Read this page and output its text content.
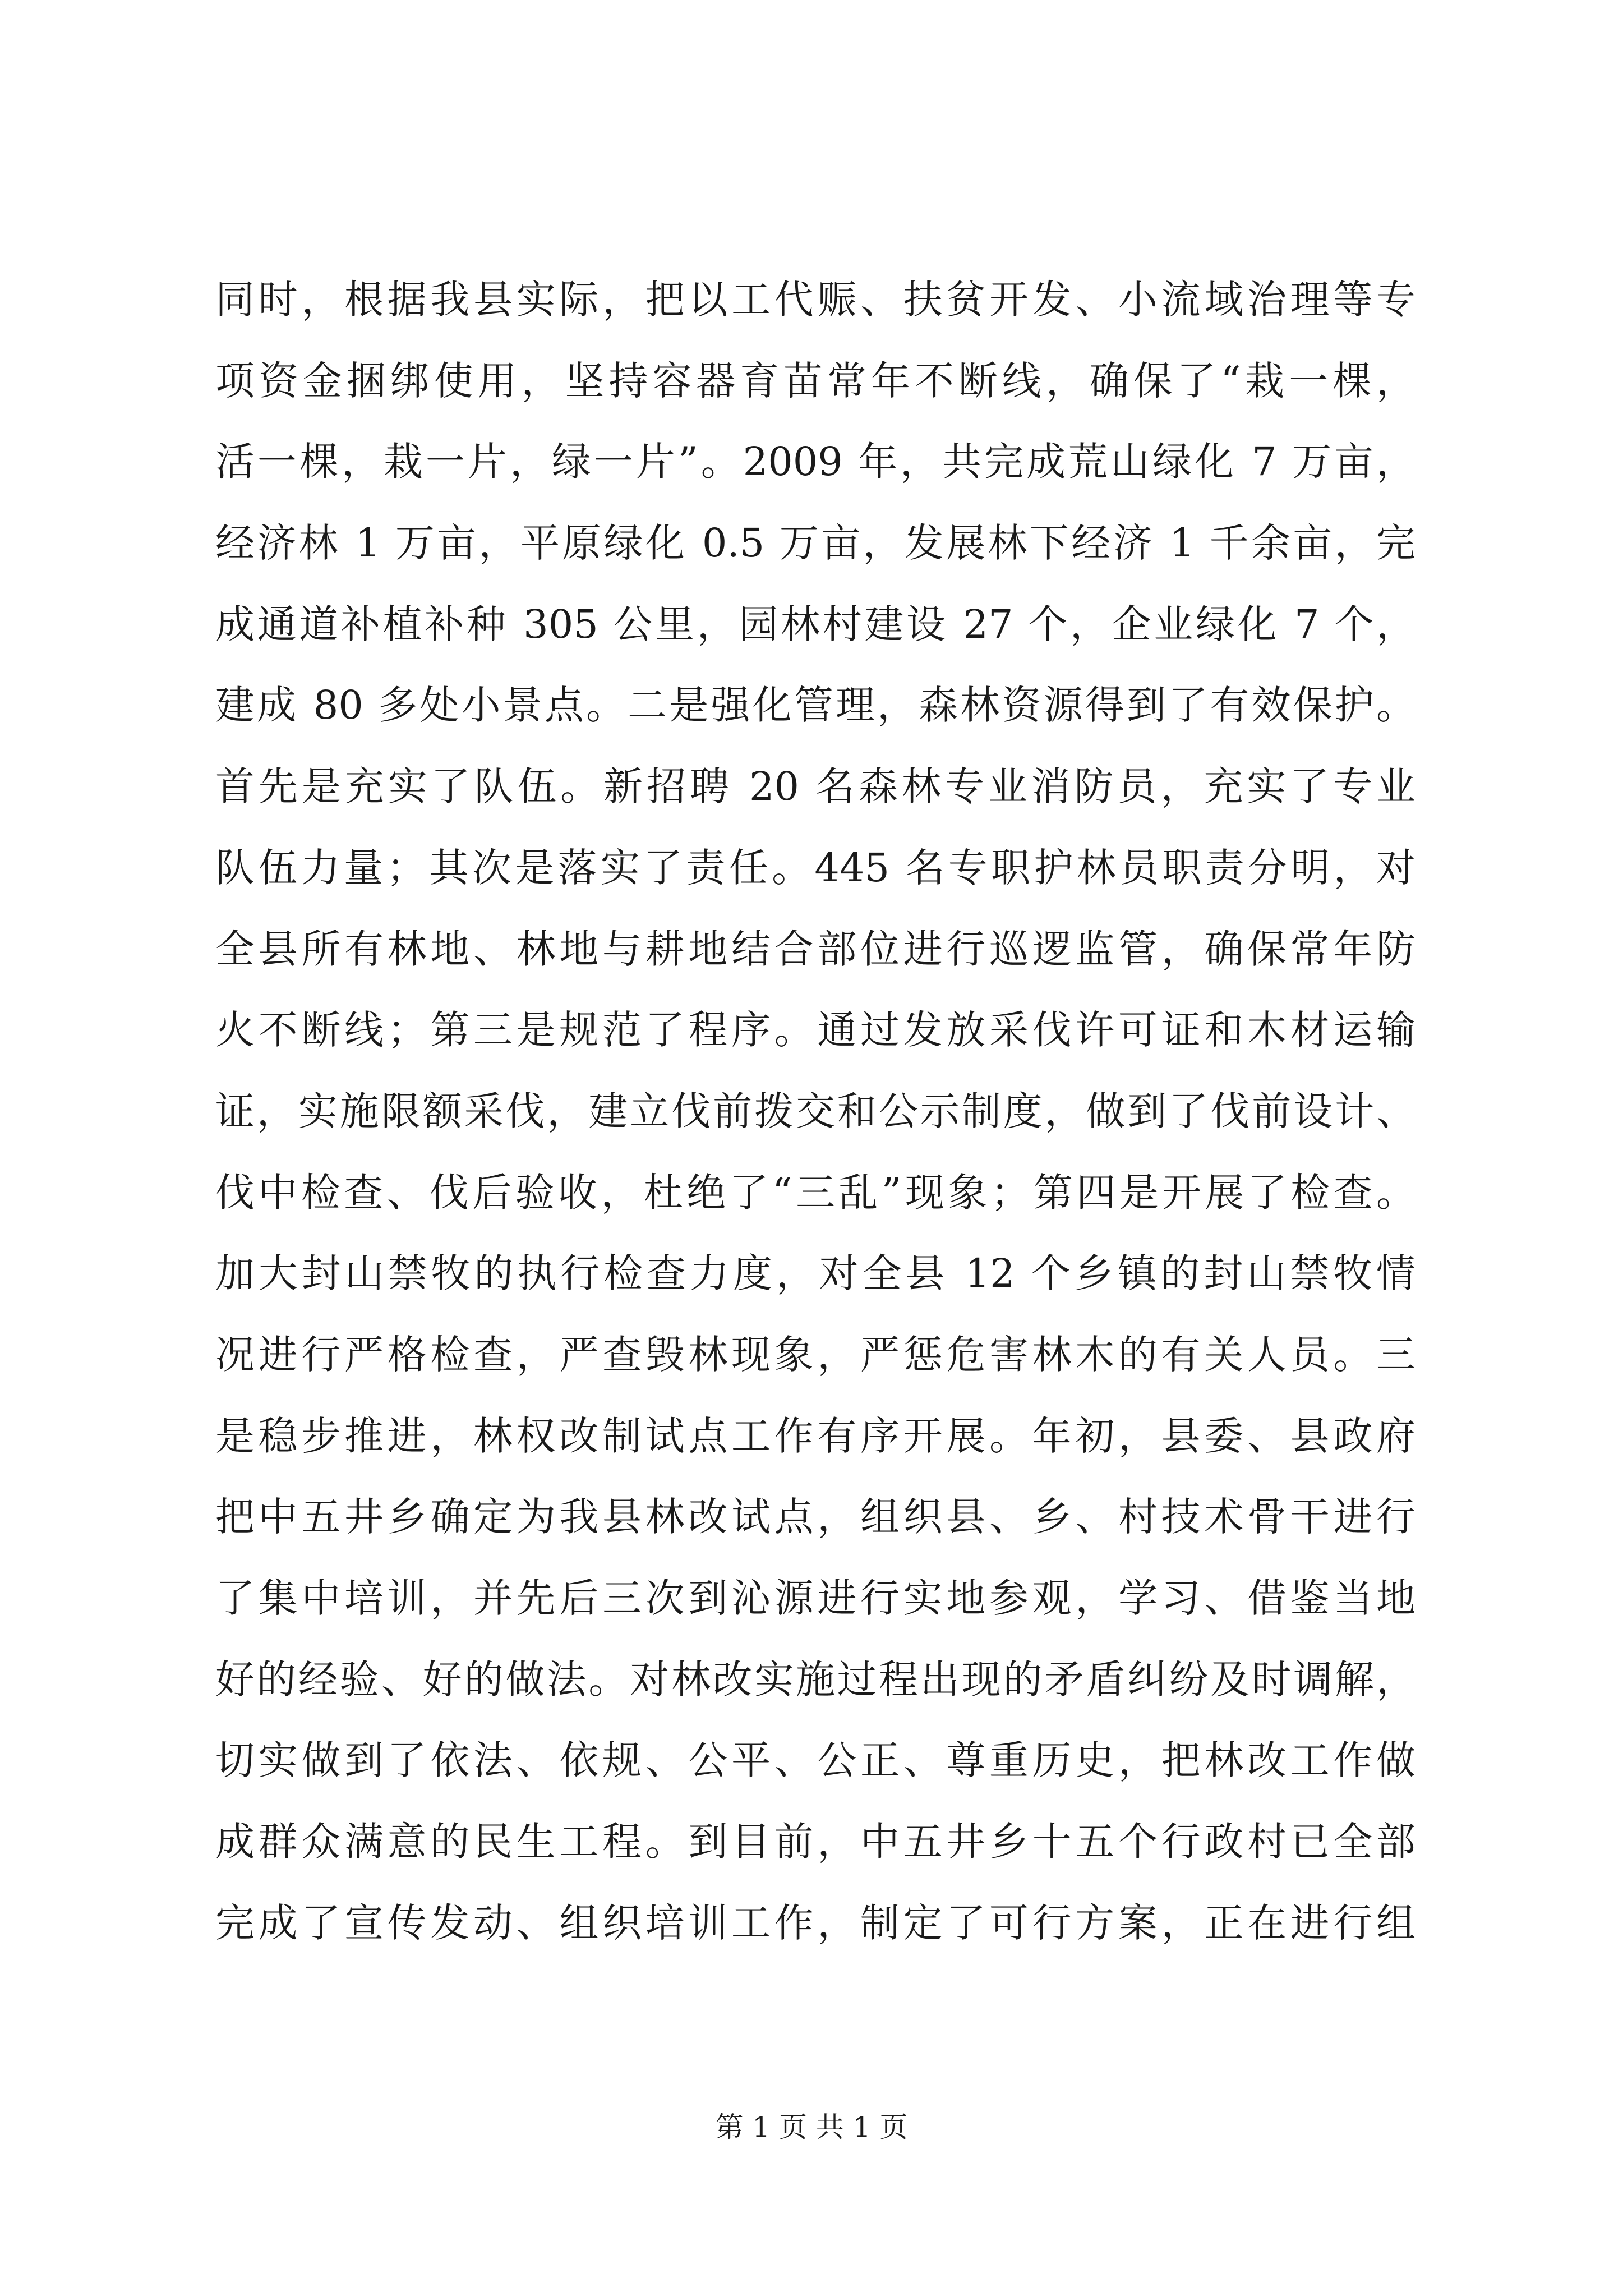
同时，根据我县实际，把以工代赈、扶贫开发、小流域治理等专
项资金捆绑使用，坚持容器育苗常年不断线，确保了“栽一棵，
活一棵，栽一片，绿一片”。2009 年，共完成荒山绿化 7 万亩，
经济林 1 万亩，平原绿化 0.5 万亩，发展林下经济 1 千余亩，完
成通道补植补种 305 公里，园林村建设 27 个，企业绿化 7 个，
建成 80 多处小景点。二是强化管理，森林资源得到了有效保护。
首先是充实了队伍。新招聘 20 名森林专业消防员，充实了专业
队伍力量；其次是落实了责任。445 名专职护林员职责分明，对
全县所有林地、林地与耕地结合部位进行巡逻监管，确保常年防
火不断线；第三是规范了程序。通过发放采伐许可证和木材运输
证，实施限额采伐，建立伐前拨交和公示制度，做到了伐前设计、
伐中检查、伐后验收，杜绝了“三乱”现象；第四是开展了检查。
加大封山禁牧的执行检查力度，对全县 12 个乡镇的封山禁牧情
况进行严格检查，严查毁林现象，严惩危害林木的有关人员。三
是稳步推进，林权改制试点工作有序开展。年初，县委、县政府
把中五井乡确定为我县林改试点，组织县、乡、村技术骨干进行
了集中培训，并先后三次到沁源进行实地参观，学习、借鉴当地
好的经验、好的做法。对林改实施过程出现的矛盾纠纷及时调解，
切实做到了依法、依规、公平、公正、尊重历史，把林改工作做
成群众满意的民生工程。到目前，中五井乡十五个行政村已全部
完成了宣传发动、组织培训工作，制定了可行方案，正在进行组
第 1 页 共 1 页
